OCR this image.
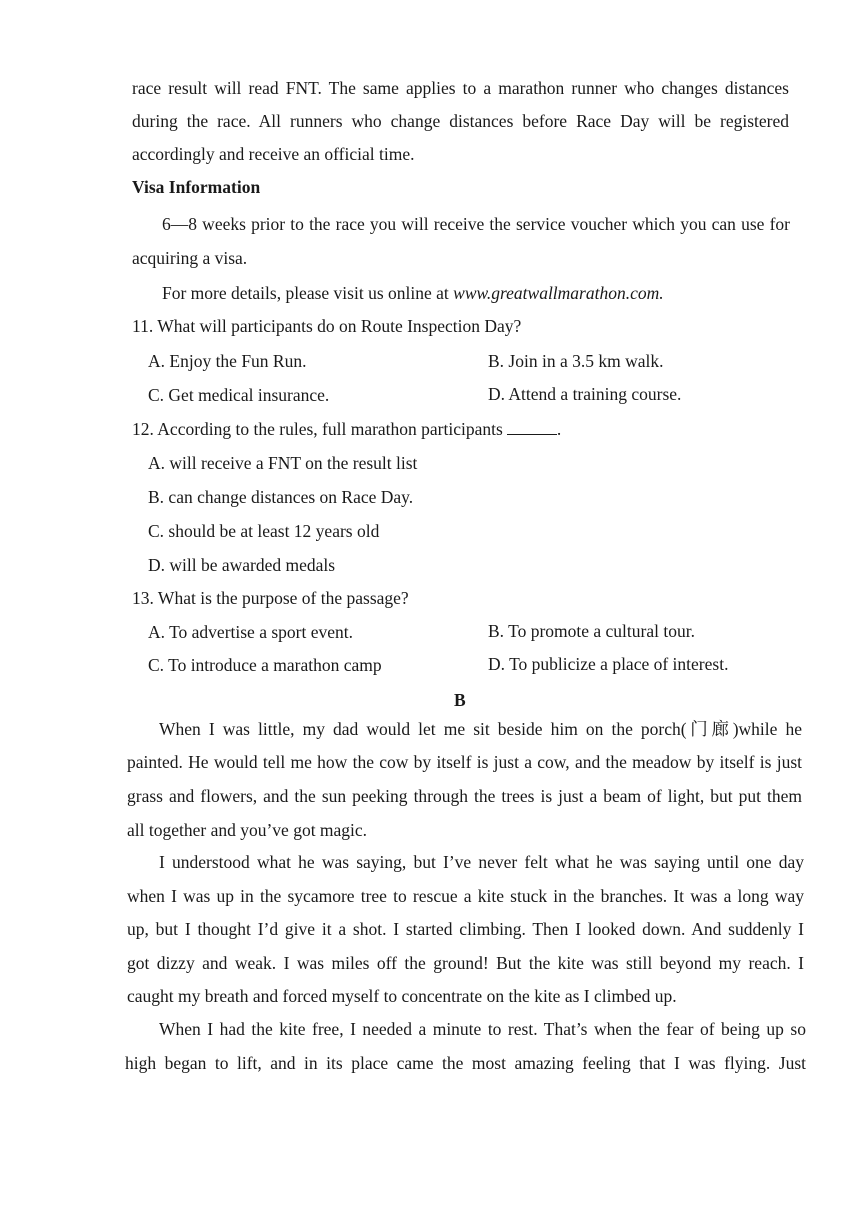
race result will read FNT. The same applies to a marathon runner who changes distances
during the race. All runners who change distances before Race Day will be registered
accordingly and receive an official time.
Visa Information
6—8 weeks prior to the race you will receive the service voucher which you can use for
acquiring a visa.
For more details, please visit us online at www.greatwallmarathon.com.
11. What will participants do on Route Inspection Day?
A. Enjoy the Fun Run.	B. Join in a 3.5 km walk.
C. Get medical insurance.	D. Attend a training course.
12. According to the rules, full marathon participants	.
A. will receive a FNT on the result list
B. can change distances on Race Day.
C. should be at least 12 years old
D. will be awarded medals
13. What is the purpose of the passage?
A. To advertise a sport event.	B. To promote a cultural tour.
C. To introduce a marathon camp	D. To publicize a place of interest.
B
When I was little, my dad would let me sit beside him on the porch(门廊)while he
painted. He would tell me how the cow by itself is just a cow, and the meadow by itself is just
grass and flowers, and the sun peeking through the trees is just a beam of light, but put them
all together and you’ve got magic.
I understood what he was saying, but I’ve never felt what he was saying until one day
when I was up in the sycamore tree to rescue a kite stuck in the branches. It was a long way
up, but I thought I’d give it a shot. I started climbing. Then I looked down. And suddenly I
got dizzy and weak. I was miles off the ground! But the kite was still beyond my reach. I
caught my breath and forced myself to concentrate on the kite as I climbed up.
When I had the kite free, I needed a minute to rest. That’s when the fear of being up so
high began to lift, and in its place came the most amazing feeling that I was flying. Just
